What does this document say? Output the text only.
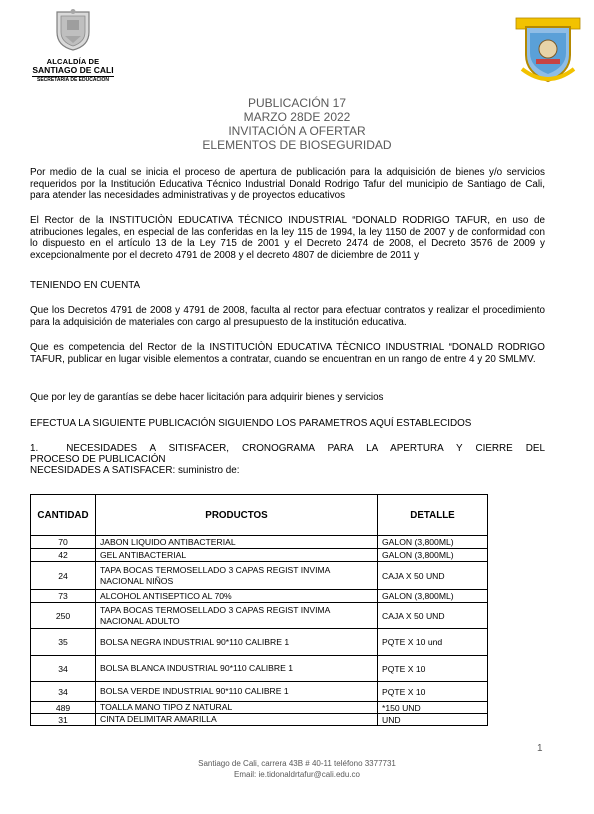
ALCALDÍA DE
SANTIAGO DE CALI
SECRETARÍA DE EDUCACIÓN
PUBLICACIÓN 17
MARZO 28DE 2022
INVITACIÓN A OFERTAR
ELEMENTOS DE BIOSEGURIDAD

Por medio de la cual se inicia el proceso de apertura de publicación para la adquisición de bienes y/o servicios requeridos por la Institución Educativa Técnico Industrial Donald Rodrigo Tafur del municipio de Santiago de Cali, para atender las necesidades administrativas y de proyectos educativos

El Rector de la INSTITUCIÒN EDUCATIVA TÉCNICO INDUSTRIAL “DONALD RODRIGO TAFUR, en uso de atribuciones legales, en especial de las conferidas en la ley 115 de 1994, la ley 1150 de 2007 y de conformidad con lo dispuesto en el artículo 13 de la Ley 715 de 2001 y el Decreto 2474 de 2008, el Decreto 3576 de 2009 y excepcionalmente por el decreto 4791 de 2008 y el decreto 4807 de diciembre de 2011 y

TENIENDO EN CUENTA

Que los Decretos 4791 de 2008 y 4791 de 2008, faculta al rector para efectuar contratos y realizar el procedimiento para la adquisición de materiales con cargo al presupuesto de la institución educativa.

Que es competencia del Rector de la INSTITUCIÒN EDUCATIVA TÈCNICO INDUSTRIAL “DONALD RODRIGO TAFUR, publicar en lugar visible elementos a contratar, cuando se encuentran en un rango de entre 4 y 20 SMLMV.

Que por ley de garantías se debe hacer licitación para adquirir bienes y servicios

EFECTUA LA SIGUIENTE PUBLICACIÓN SIGUIENDO LOS PARAMETROS AQUÍ ESTABLECIDOS

1.	NECESIDADES A SITISFACER, CRONOGRAMA PARA LA APERTURA Y CIERRE DEL
PROCESO DE PUBLICACIÓN
NECESIDADES A SATISFACER: suministro de:
CANTIDAD	PRODUCTOS	DETALLE
70	JABON LIQUIDO ANTIBACTERIAL	GALON (3,800ML)
42	GEL ANTIBACTERIAL	GALON (3,800ML)
24	TAPA BOCAS TERMOSELLADO 3 CAPAS REGIST INVIMA NACIONAL NIÑOS	CAJA X 50 UND
73	ALCOHOL ANTISEPTICO AL 70%	GALON (3,800ML)
250	TAPA BOCAS TERMOSELLADO 3 CAPAS REGIST INVIMA NACIONAL ADULTO	CAJA X 50 UND
35	BOLSA NEGRA INDUSTRIAL 90*110 CALIBRE 1	PQTE X 10 und
34	BOLSA BLANCA INDUSTRIAL 90*110 CALIBRE 1	PQTE X 10
34	BOLSA VERDE INDUSTRIAL 90*110 CALIBRE 1	PQTE X 10
489	TOALLA MANO TIPO Z NATURAL	*150 UND
31	CINTA DELIMITAR AMARILLA	UND
1
Santiago de Cali, carrera 43B # 40-11 teléfono 3377731
Email: ie.tidonaldrtafur@cali.edu.co
